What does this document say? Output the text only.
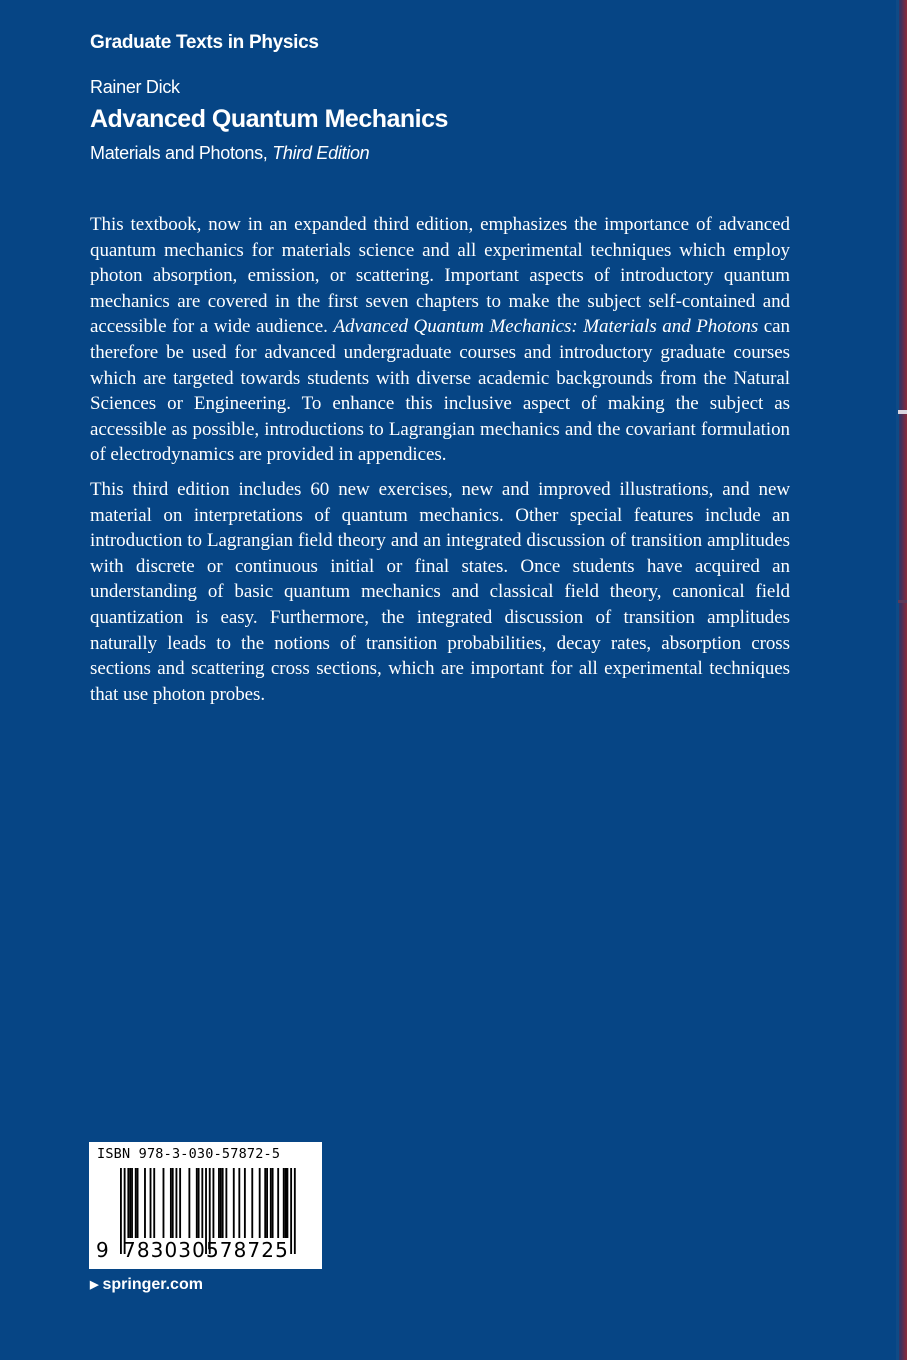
Graduate Texts in Physics
Rainer Dick
Advanced Quantum Mechanics
Materials and Photons, Third Edition

This textbook, now in an expanded third edition, emphasizes the importance of advanced quantum mechanics for materials science and all experimental techniques which employ photon absorption, emission, or scattering. Important aspects of introductory quantum mechanics are covered in the first seven chapters to make the subject self-contained and accessible for a wide audience. Advanced Quantum Mechanics: Materials and Photons can therefore be used for advanced undergraduate courses and introductory graduate courses which are targeted towards students with diverse academic backgrounds from the Natural Sciences or Engineering. To enhance this inclusive aspect of making the subject as accessible as possible, introductions to Lagrangian mechanics and the covariant formulation of electrodynamics are provided in appendices.

This third edition includes 60 new exercises, new and improved illustrations, and new material on interpretations of quantum mechanics. Other special features include an introduction to Lagrangian field theory and an integrated discussion of transition amplitudes with discrete or continuous initial or final states. Once students have acquired an understanding of basic quantum mechanics and classical field theory, canonical field quantization is easy. Furthermore, the integrated discussion of transition amplitudes naturally leads to the notions of transition probabilities, decay rates, absorption cross sections and scattering cross sections, which are important for all experimental techniques that use photon probes.

ISBN 978-3-030-57872-5
9 783030578725
▶ springer.com
